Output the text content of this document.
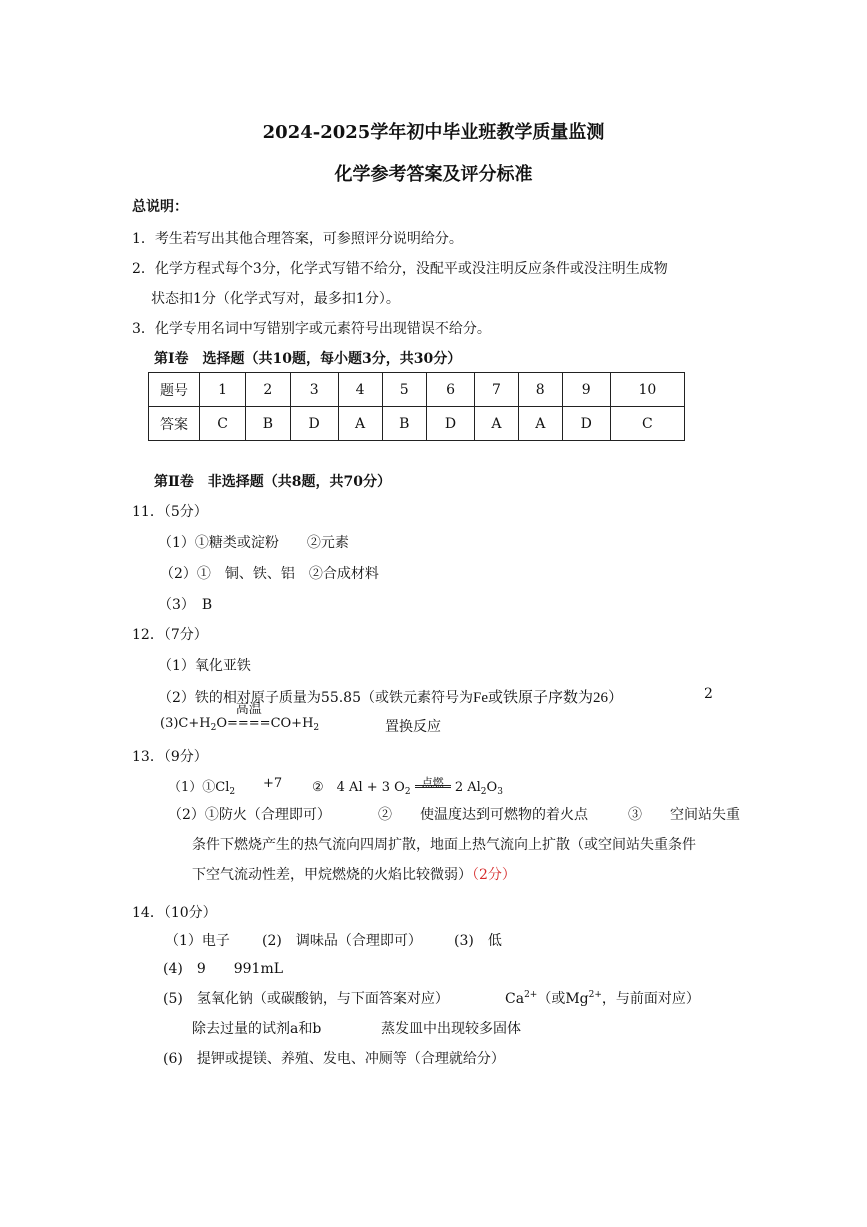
2024-2025学年初中毕业班教学质量监测
化学参考答案及评分标准
总说明：
1．考生若写出其他合理答案，可参照评分说明给分。
2．化学方程式每个3分，化学式写错不给分，没配平或没注明反应条件或没注明生成物
状态扣1分（化学式写对，最多扣1分）。
3．化学专用名词中写错别字或元素符号出现错误不给分。
第Ⅰ卷　选择题（共10题，每小题3分，共30分）
题号	1	2	3	4	5	6	7	8	9	10
答案	C	B	D	A	B	D	A	A	D	C
第Ⅱ卷　非选择题（共8题，共70分）
11．（5分）
（1）①糖类或淀粉　　②元素
（2）①　铜、铁、铝　②合成材料
（3）　B
12．（7分）
（1）氧化亚铁
（2）铁的相对原子质量为55.85（或铁元素符号为Fe或铁原子序数为26）	2
$(3)C+H_2O$
高温
$====CO+H_2$	置换反应
13．（9分）
$(1)①Cl_2$
+7 ②　4 Al + 3 $O_2$
点燃 2 $Al_2O_3$
（2）①防火（合理即可）	②　　使温度达到可燃物的着火点	③　　空间站失重
条件下燃烧产生的热气流向四周扩散，地面上热气流向上扩散（或空间站失重条件
下空气流动性差，甲烷燃烧的火焰比较微弱）（2分）
14．（10分）
（1）电子 (2)　调味品（合理即可） (3)　低
(4)　9　　991mL
(5)　氢氧化钠（或碳酸钠，与下面答案对应）	$Ca^{2+}$（或$Mg^{2+}$，与前面对应）
除去过量的试剂a和b	蒸发皿中出现较多固体
(6)　提钾或提镁、养殖、发电、冲厕等（合理就给分）
